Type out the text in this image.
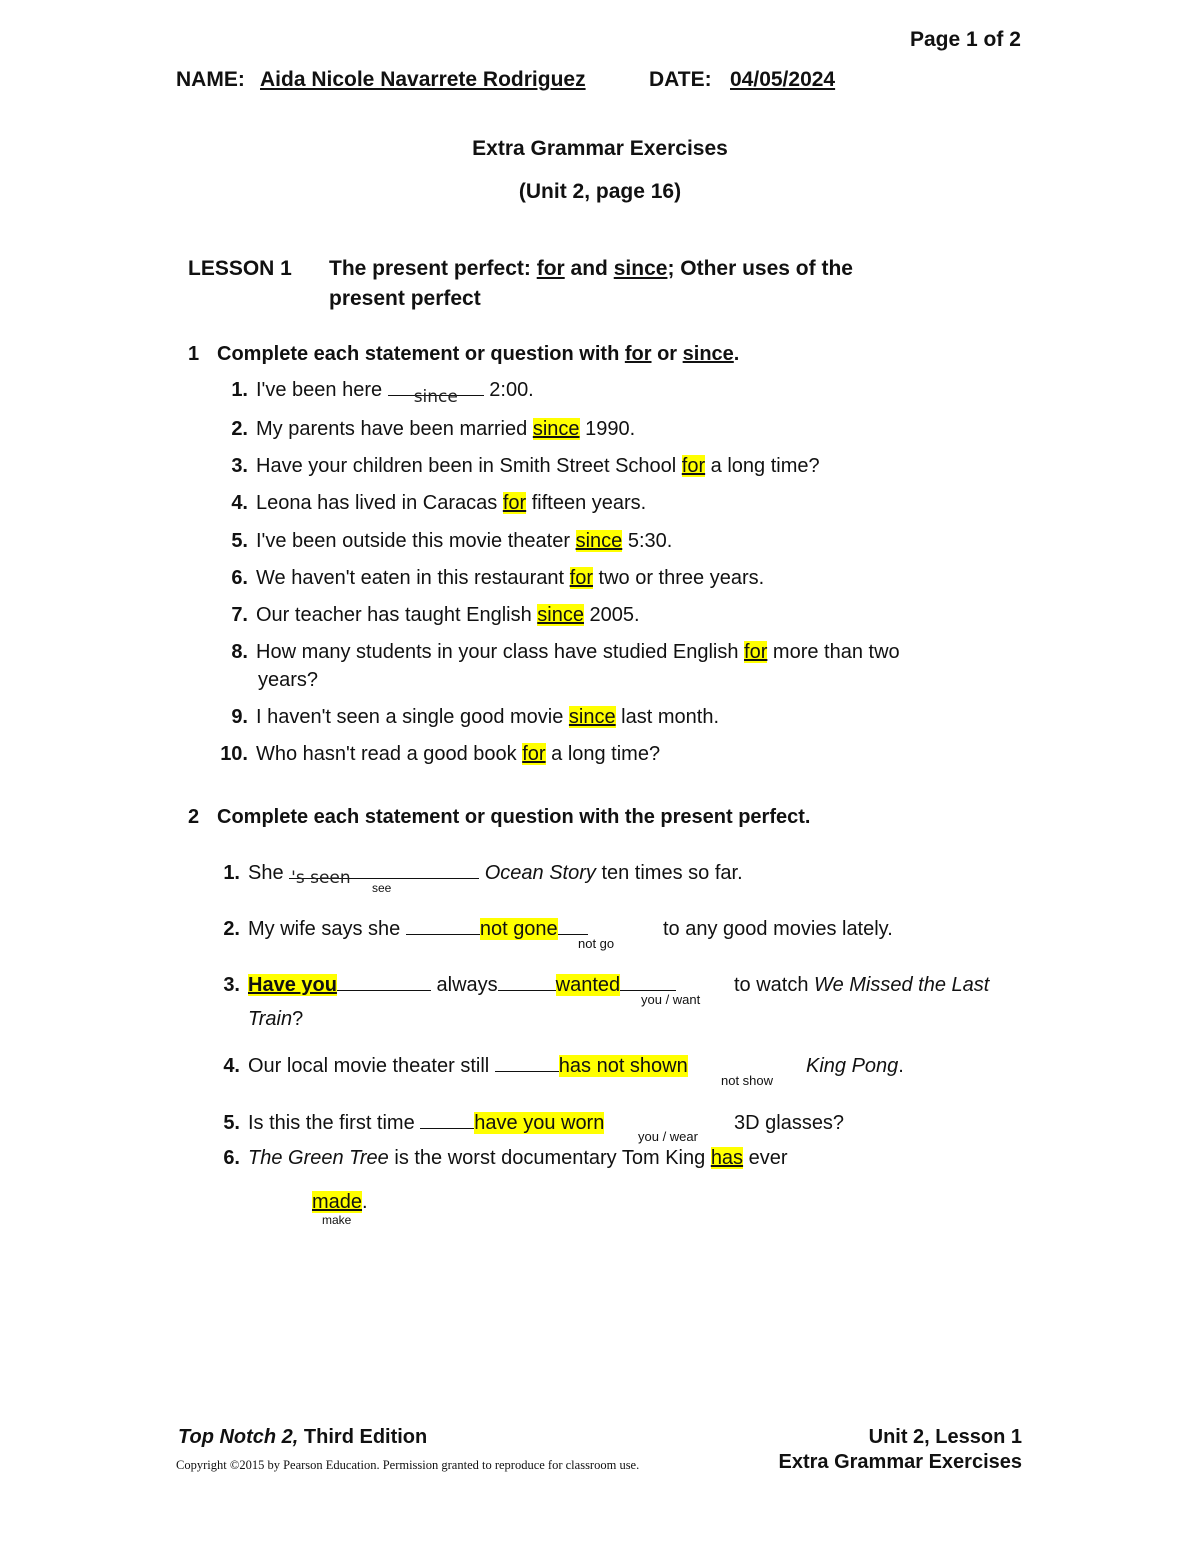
Page 1 of 2
NAME: Aida Nicole Navarrete Rodriguez	DATE: 04/05/2024
Extra Grammar Exercises
(Unit 2, page 16)
LESSON 1 The present perfect: for and since; Other uses of the
present perfect
1 Complete each statement or question with for or since.
1. I've been here since 2:00.
2. My parents have been married since 1990.
3. Have your children been in Smith Street School for a long time?
4. Leona has lived in Caracas for fifteen years.
5. I've been outside this movie theater since 5:30.
6. We haven't eaten in this restaurant for two or three years.
7. Our teacher has taught English since 2005.
8. How many students in your class have studied English for more than two
years?
9. I haven't seen a single good movie since last month.
10. Who hasn't read a good book for a long time?
2 Complete each statement or question with the present perfect.
1. She 's seen	Ocean Story ten times so far.
see
2. My wife says she	not gone	to any good movies lately.
not go
3. Have you	always	wanted	to watch We Missed the Last
Train?
you / want
4. Our local movie theater still	has not shown	King Pong.
not show
5. Is this the first time	have you worn	3D glasses?
you / wear
6. The Green Tree is the worst documentary Tom King has ever
made.
make
Top Notch 2, Third Edition
Copyright ©2015 by Pearson Education. Permission granted to reproduce for classroom use.
Unit 2, Lesson 1
Extra Grammar Exercises
